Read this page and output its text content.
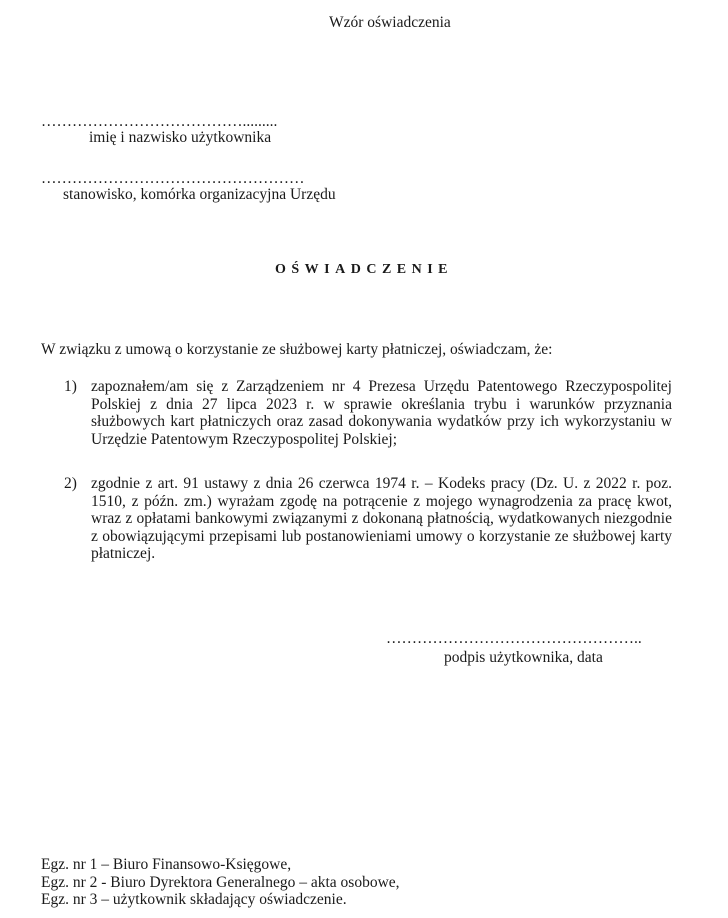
Wzór oświadczenia
………………………………….........
imię i nazwisko użytkownika
……………………………………………
stanowisko, komórka organizacyjna Urzędu
OŚWIADCZENIE
W związku z umową o korzystanie ze służbowej karty płatniczej, oświadczam, że:
1) zapoznałem/am się z Zarządzeniem nr 4 Prezesa Urzędu Patentowego Rzeczypospolitej Polskiej z dnia 27 lipca 2023 r. w sprawie określania trybu i warunków przyznania służbowych kart płatniczych oraz zasad dokonywania wydatków przy ich wykorzystaniu w Urzędzie Patentowym Rzeczypospolitej Polskiej;
2) zgodnie z art. 91 ustawy z dnia 26 czerwca 1974 r. – Kodeks pracy (Dz. U. z 2022 r. poz. 1510, z późn. zm.) wyrażam zgodę na potrącenie z mojego wynagrodzenia za pracę kwot, wraz z opłatami bankowymi związanymi z dokonaną płatnością, wydatkowanych niezgodnie z obowiązującymi przepisami lub postanowieniami umowy o korzystanie ze służbowej karty płatniczej.
…………………………………………..
podpis użytkownika, data
Egz. nr 1 – Biuro Finansowo-Księgowe,
Egz. nr 2 - Biuro Dyrektora Generalnego – akta osobowe,
Egz. nr 3 – użytkownik składający oświadczenie.
